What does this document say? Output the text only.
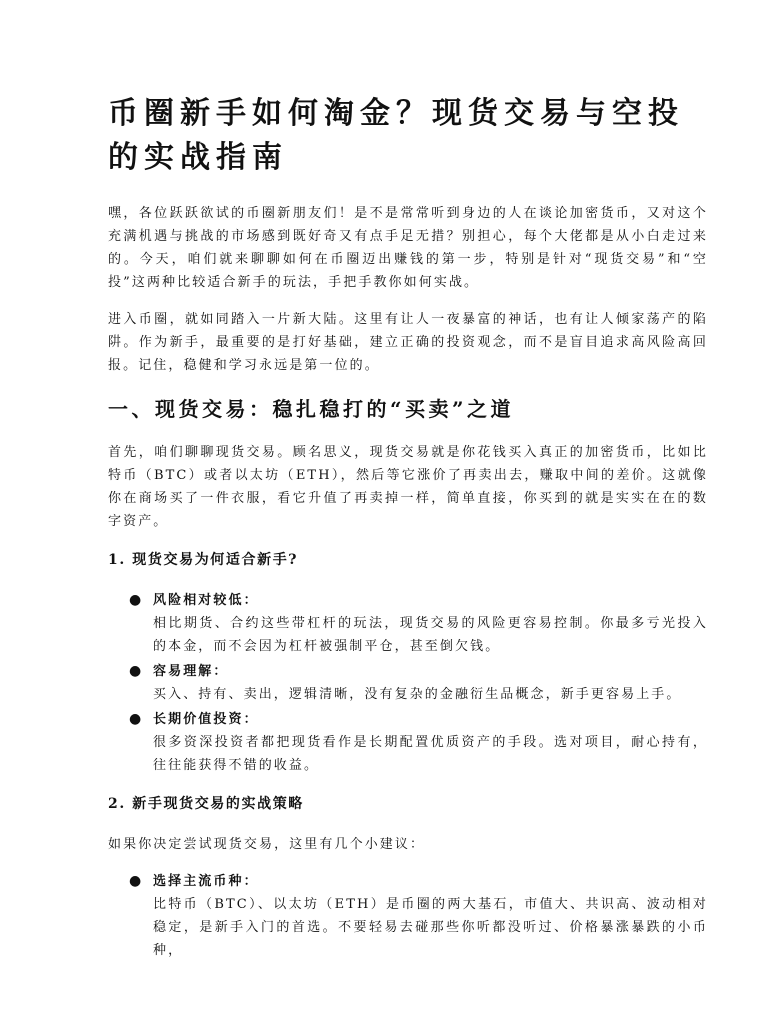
币圈新手如何淘金？现货交易与空投的实战指南

嘿，各位跃跃欲试的币圈新朋友们！是不是常常听到身边的人在谈论加密货币，又对这个充满机遇与挑战的市场感到既好奇又有点手足无措？别担心，每个大佬都是从小白走过来的。今天，咱们就来聊聊如何在币圈迈出赚钱的第一步，特别是针对“现货交易”和“空投”这两种比较适合新手的玩法，手把手教你如何实战。

进入币圈，就如同踏入一片新大陆。这里有让人一夜暴富的神话，也有让人倾家荡产的陷阱。作为新手，最重要的是打好基础，建立正确的投资观念，而不是盲目追求高风险高回报。记住，稳健和学习永远是第一位的。

一、现货交易：稳扎稳打的“买卖”之道

首先，咱们聊聊现货交易。顾名思义，现货交易就是你花钱买入真正的加密货币，比如比特币（BTC）或者以太坊（ETH），然后等它涨价了再卖出去，赚取中间的差价。这就像你在商场买了一件衣服，看它升值了再卖掉一样，简单直接，你买到的就是实实在在的数字资产。

1. 现货交易为何适合新手?
● 风险相对较低：
相比期货、合约这些带杠杆的玩法，现货交易的风险更容易控制。你最多亏光投入的本金，而不会因为杠杆被强制平仓，甚至倒欠钱。
● 容易理解：
买入、持有、卖出，逻辑清晰，没有复杂的金融衍生品概念，新手更容易上手。
● 长期价值投资：
很多资深投资者都把现货看作是长期配置优质资产的手段。选对项目，耐心持有，往往能获得不错的收益。
2. 新手现货交易的实战策略

如果你决定尝试现货交易，这里有几个小建议：

● 选择主流币种：
比特币（BTC）、以太坊（ETH）是币圈的两大基石，市值大、共识高、波动相对稳定，是新手入门的首选。不要轻易去碰那些你听都没听过、价格暴涨暴跌的小币种，
